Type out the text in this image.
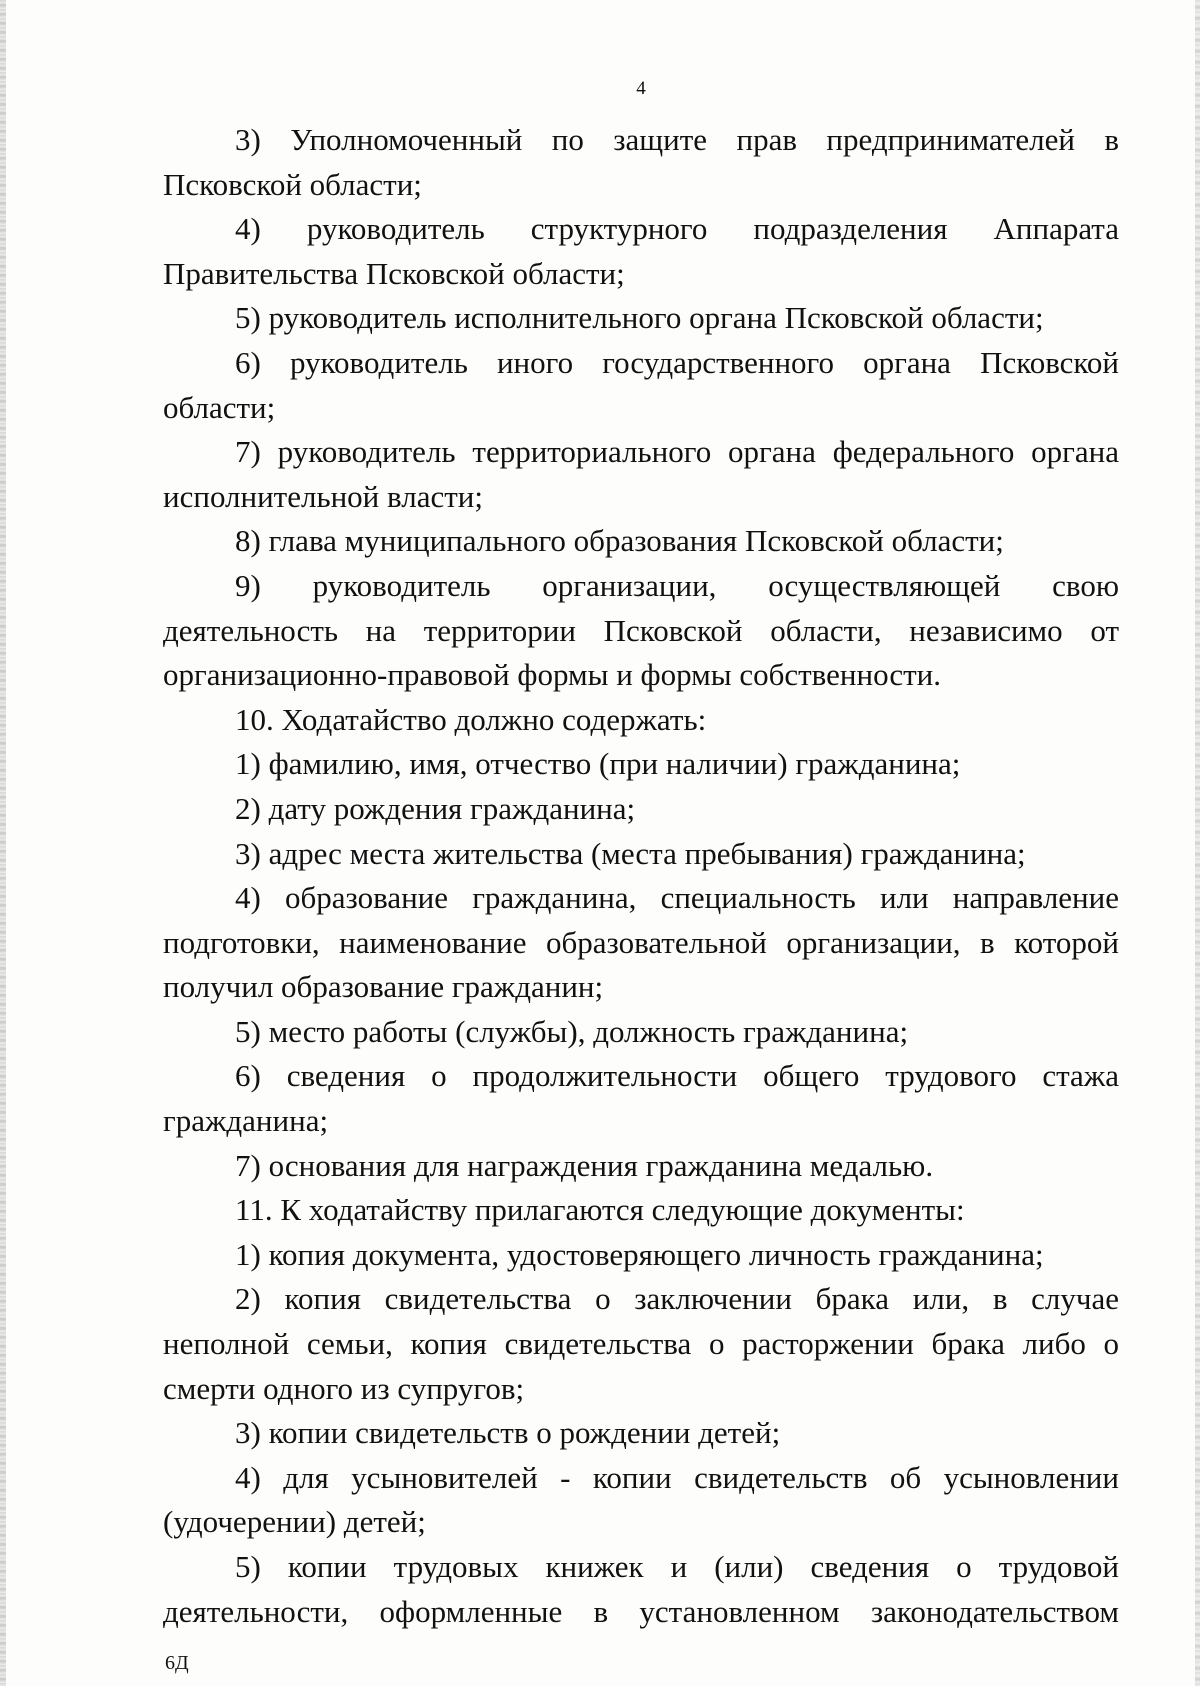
4

3) Уполномоченный по защите прав предпринимателей в Псковской области;

4) руководитель структурного подразделения Аппарата Правительства Псковской области;

5) руководитель исполнительного органа Псковской области;

6) руководитель иного государственного органа Псковской области;

7) руководитель территориального органа федерального органа исполнительной власти;

8) глава муниципального образования Псковской области;

9) руководитель организации, осуществляющей свою деятельность на территории Псковской области, независимо от организационно-правовой формы и формы собственности.

10. Ходатайство должно содержать:

1) фамилию, имя, отчество (при наличии) гражданина;

2) дату рождения гражданина;

3) адрес места жительства (места пребывания) гражданина;

4) образование гражданина, специальность или направление подготовки, наименование образовательной организации, в которой получил образование гражданин;

5) место работы (службы), должность гражданина;

6) сведения о продолжительности общего трудового стажа гражданина;

7) основания для награждения гражданина медалью.

11. К ходатайству прилагаются следующие документы:

1) копия документа, удостоверяющего личность гражданина;

2) копия свидетельства о заключении брака или, в случае неполной семьи, копия свидетельства о расторжении брака либо о смерти одного из супругов;

3) копии свидетельств о рождении детей;

4) для усыновителей - копии свидетельств об усыновлении (удочерении) детей;

5) копии трудовых книжек и (или) сведения о трудовой деятельности, оформленные в установленном законодательством

6Д
